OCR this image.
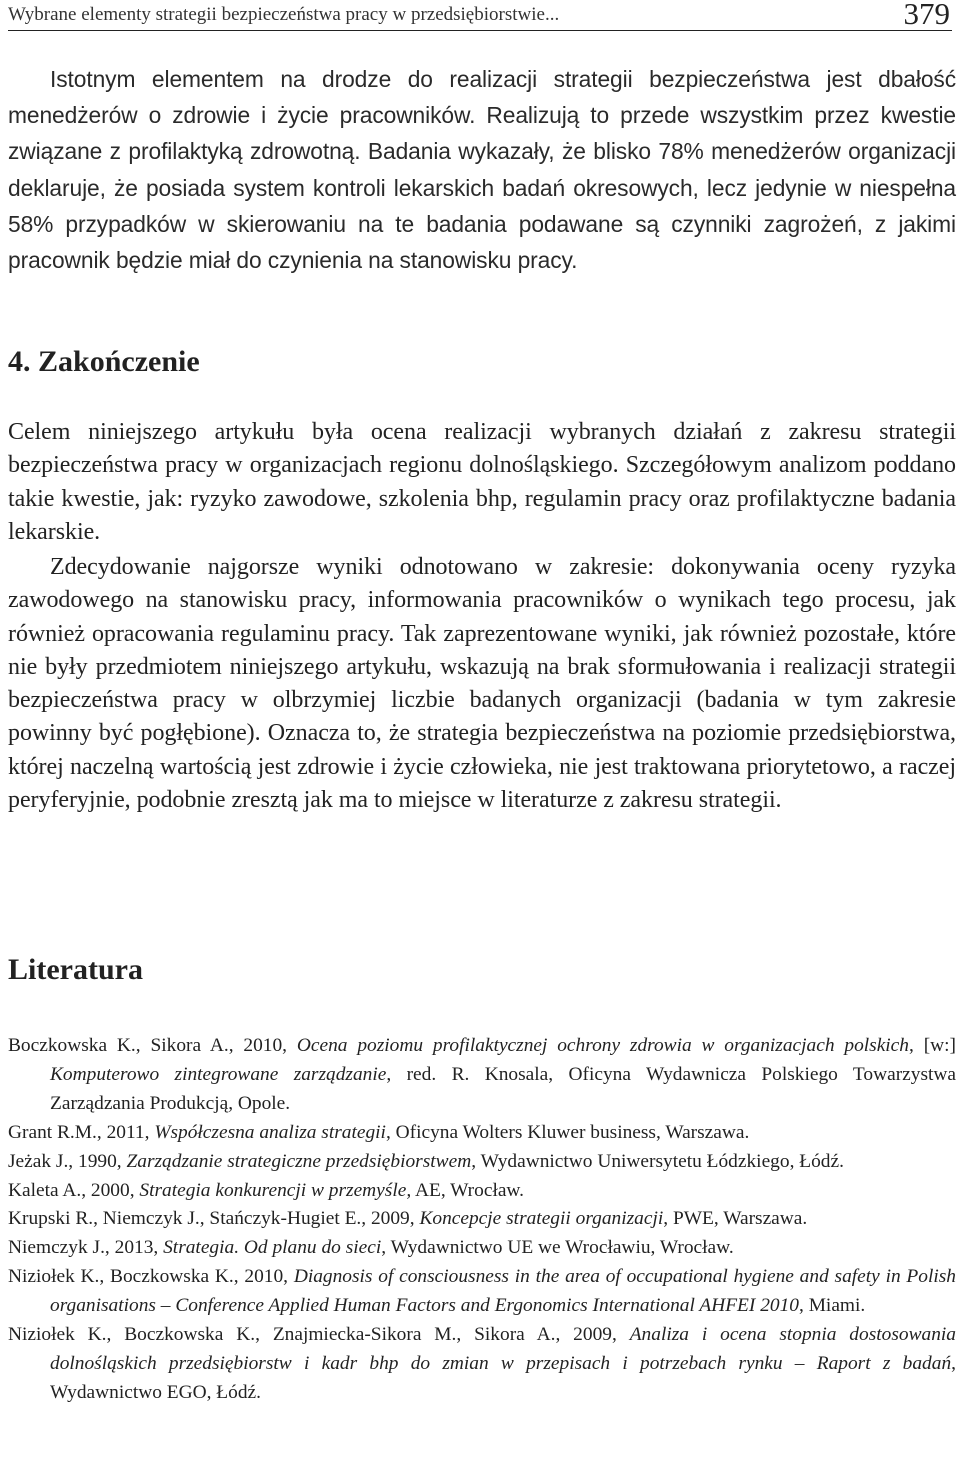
Wybrane elementy strategii bezpieczeństwa pracy w przedsiębiorstwie...	379

Istotnym elementem na drodze do realizacji strategii bezpieczeństwa jest dbałość menedżerów o zdrowie i życie pracowników. Realizują to przede wszystkim przez kwestie związane z profilaktyką zdrowotną. Badania wykazały, że blisko 78% menedżerów organizacji deklaruje, że posiada system kontroli lekarskich badań okresowych, lecz jedynie w niespełna 58% przypadków w skierowaniu na te badania podawane są czynniki zagrożeń, z jakimi pracownik będzie miał do czynienia na stanowisku pracy.

4. Zakończenie

Celem niniejszego artykułu była ocena realizacji wybranych działań z zakresu strategii bezpieczeństwa pracy w organizacjach regionu dolnośląskiego. Szczegółowym analizom poddano takie kwestie, jak: ryzyko zawodowe, szkolenia bhp, regulamin pracy oraz profilaktyczne badania lekarskie.

Zdecydowanie najgorsze wyniki odnotowano w zakresie: dokonywania oceny ryzyka zawodowego na stanowisku pracy, informowania pracowników o wynikach tego procesu, jak również opracowania regulaminu pracy. Tak zaprezentowane wyniki, jak również pozostałe, które nie były przedmiotem niniejszego artykułu, wskazują na brak sformułowania i realizacji strategii bezpieczeństwa pracy w olbrzymiej liczbie badanych organizacji (badania w tym zakresie powinny być pogłębione). Oznacza to, że strategia bezpieczeństwa na poziomie przedsiębiorstwa, której naczelną wartością jest zdrowie i życie człowieka, nie jest traktowana priorytetowo, a raczej peryferyjnie, podobnie zresztą jak ma to miejsce w literaturze z zakresu strategii.

Literatura
Boczkowska K., Sikora A., 2010, Ocena poziomu profilaktycznej ochrony zdrowia w organizacjach polskich, [w:] Komputerowo zintegrowane zarządzanie, red. R. Knosala, Oficyna Wydawnicza Polskiego Towarzystwa Zarządzania Produkcją, Opole.
Grant R.M., 2011, Współczesna analiza strategii, Oficyna Wolters Kluwer business, Warszawa.
Jeżak J., 1990, Zarządzanie strategiczne przedsiębiorstwem, Wydawnictwo Uniwersytetu Łódzkiego, Łódź.
Kaleta A., 2000, Strategia konkurencji w przemyśle, AE, Wrocław.
Krupski R., Niemczyk J., Stańczyk-Hugiet E., 2009, Koncepcje strategii organizacji, PWE, Warszawa.
Niemczyk J., 2013, Strategia. Od planu do sieci, Wydawnictwo UE we Wrocławiu, Wrocław.
Niziołek K., Boczkowska K., 2010, Diagnosis of consciousness in the area of occupational hygiene and safety in Polish organisations – Conference Applied Human Factors and Ergonomics International AHFEI 2010, Miami.
Niziołek K., Boczkowska K., Znajmiecka-Sikora M., Sikora A., 2009, Analiza i ocena stopnia dostosowania dolnośląskich przedsiębiorstw i kadr bhp do zmian w przepisach i potrzebach rynku – Raport z badań, Wydawnictwo EGO, Łódź.
